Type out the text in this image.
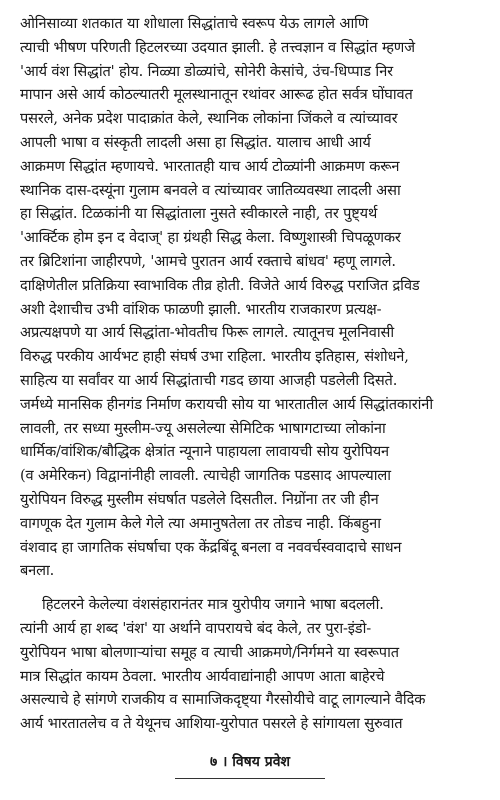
ओनिसाव्या शतकात या शोधाला सिद्धांताचे स्वरूप येऊ लागले आणि
त्याची भीषण परिणती हिटलरच्या उदयात झाली. हे तत्त्वज्ञान व सिद्धांत म्हणजे
'आर्य वंश सिद्धांत' होय. निळ्या डोळ्यांचे, सोनेरी केसांचे, उंच-धिप्पाड निर
मापान असे आर्य कोठल्यातरी मूलस्थानातून रथांवर आरूढ होत सर्वत्र घोंघावत
पसरले, अनेक प्रदेश पादाक्रांत केले, स्थानिक लोकांना जिंकले व त्यांच्यावर
आपली भाषा व संस्कृती लादली असा हा सिद्धांत. यालाच आधी आर्य
आक्रमण सिद्धांत म्हणायचे. भारतातही याच आर्य टोळ्यांनी आक्रमण करून
स्थानिक दास-दस्यूंना गुलाम बनवले व त्यांच्यावर जातिव्यवस्था लादली असा
हा सिद्धांत. टिळकांनी या सिद्धांताला नुसते स्वीकारले नाही, तर पुष्ट्यर्थ
'आर्क्टिक होम इन द वेदाज्' हा ग्रंथही सिद्ध केला. विष्णुशास्त्री चिपळूणकर
तर ब्रिटिशांना जाहीरपणे, 'आमचे पुरातन आर्य रक्ताचे बांधव' म्हणू लागले.
दाक्षिणेतील प्रतिक्रिया स्वाभाविक तीव्र होती. विजेते आर्य विरुद्ध पराजित द्रविड
अशी देशाचीच उभी वांशिक फाळणी झाली. भारतीय राजकारण प्रत्यक्ष-
अप्रत्यक्षपणे या आर्य सिद्धांता-भोवतीच फिरू लागले. त्यातूनच मूलनिवासी
विरुद्ध परकीय आर्यभट हाही संघर्ष उभा राहिला. भारतीय इतिहास, संशोधने,
साहित्य या सर्वांवर या आर्य सिद्धांताची गडद छाया आजही पडलेली दिसते.
जर्मध्ये मानसिक हीनगंड निर्माण करायची सोय या भारतातील आर्य सिद्धांतकारांनी
लावली, तर सध्या मुस्लीम-ज्यू असलेल्या सेमिटिक भाषागटाच्या लोकांना
धार्मिक/वांशिक/बौद्धिक क्षेत्रांत न्यूनाने पाहायला लावायची सोय युरोपियन
(व अमेरिकन) विद्वानांनीही लावली. त्याचेही जागतिक पडसाद आपल्याला
युरोपियन विरुद्ध मुस्लीम संघर्षात पडलेले दिसतील. निग्रोंना तर जी हीन
वागणूक देत गुलाम केले गेले त्या अमानुषतेला तर तोडच नाही. किंबहुना
वंशवाद हा जागतिक संघर्षाचा एक केंद्रबिंदू बनला व नववर्चस्ववादाचे साधन
बनला.
हिटलरने केलेल्या वंशसंहारानंतर मात्र युरोपीय जगाने भाषा बदलली.
त्यांनी आर्य हा शब्द 'वंश' या अर्थाने वापरायचे बंद केले, तर पुरा-इंडो-
युरोपियन भाषा बोलणाऱ्यांचा समूह व त्याची आक्रमणे/निर्गमने या स्वरूपात
मात्र सिद्धांत कायम ठेवला. भारतीय आर्यवाद्यांनाही आपण आता बाहेरचे
असल्याचे हे सांगणे राजकीय व सामाजिकदृष्ट्या गैरसोयीचे वाटू लागल्याने वैदिक
आर्य भारतातलेच व ते येथूनच आशिया-युरोपात पसरले हे सांगायला सुरुवात
७ । विषय प्रवेश
